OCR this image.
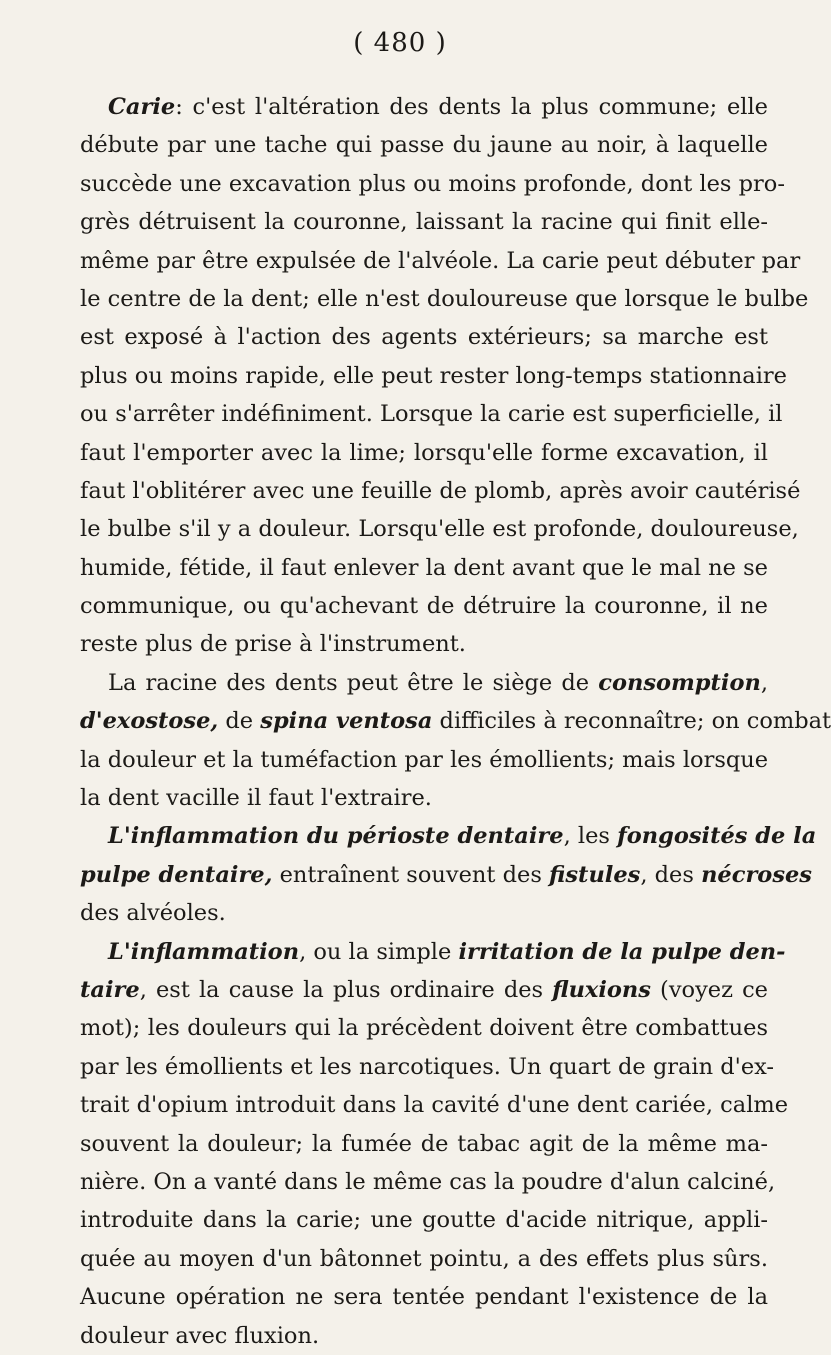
( 480 )
Carie: c'est l'altération des dents la plus commune; elle
débute par une tache qui passe du jaune au noir, à laquelle
succède une excavation plus ou moins profonde, dont les pro-
grès détruisent la couronne, laissant la racine qui finit elle-
même par être expulsée de l'alvéole. La carie peut débuter par
le centre de la dent; elle n'est douloureuse que lorsque le bulbe
est exposé à l'action des agents extérieurs; sa marche est
plus ou moins rapide, elle peut rester long-temps stationnaire
ou s'arrêter indéfiniment. Lorsque la carie est superficielle, il
faut l'emporter avec la lime; lorsqu'elle forme excavation, il
faut l'oblitérer avec une feuille de plomb, après avoir cautérisé
le bulbe s'il y a douleur. Lorsqu'elle est profonde, douloureuse,
humide, fétide, il faut enlever la dent avant que le mal ne se
communique, ou qu'achevant de détruire la couronne, il ne
reste plus de prise à l'instrument.
La racine des dents peut être le siège de consomption,
d'exostose, de spina ventosa difficiles à reconnaître; on combat
la douleur et la tuméfaction par les émollients; mais lorsque
la dent vacille il faut l'extraire.
L'inflammation du périoste dentaire, les fongosités de la
pulpe dentaire, entraînent souvent des fistules, des nécroses
des alvéoles.
L'inflammation, ou la simple irritation de la pulpe den-
taire, est la cause la plus ordinaire des fluxions (voyez ce
mot); les douleurs qui la précèdent doivent être combattues
par les émollients et les narcotiques. Un quart de grain d'ex-
trait d'opium introduit dans la cavité d'une dent cariée, calme
souvent la douleur; la fumée de tabac agit de la même ma-
nière. On a vanté dans le même cas la poudre d'alun calciné,
introduite dans la carie; une goutte d'acide nitrique, appli-
quée au moyen d'un bâtonnet pointu, a des effets plus sûrs.
Aucune opération ne sera tentée pendant l'existence de la
douleur avec fluxion.
